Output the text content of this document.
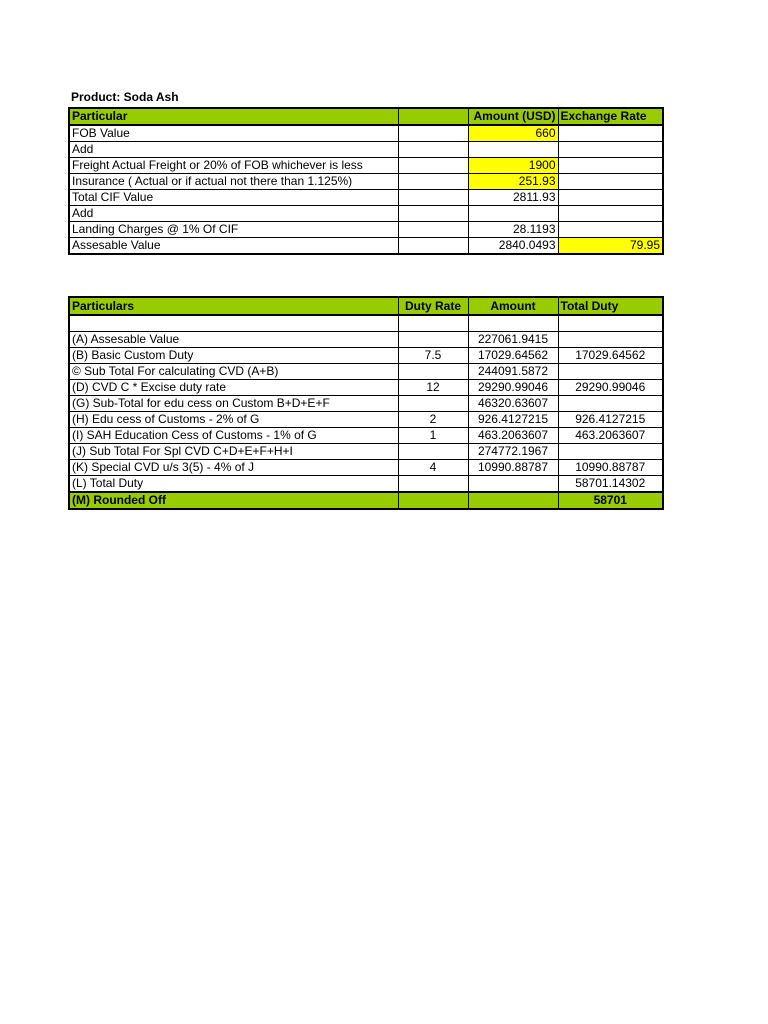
Product: Soda Ash
Particular		Amount (USD)	Exchange Rate
FOB Value		660	
Add			
Freight Actual Freight or 20% of FOB whichever is less		1900	
Insurance ( Actual or if actual not there than 1.125%)		251.93	
Total CIF Value		2811.93	
Add			
Landing Charges @ 1% Of CIF		28.1193	
Assesable Value		2840.0493	79.95
Particulars	Duty Rate	Amount	Total Duty

(A) Assesable Value		227061.9415	
(B) Basic Custom Duty	7.5	17029.64562	17029.64562
© Sub Total For calculating CVD (A+B)		244091.5872	
(D) CVD C * Excise duty rate	12	29290.99046	29290.99046
(G) Sub-Total for edu cess on Custom B+D+E+F		46320.63607	
(H) Edu cess of Customs - 2% of G	2	926.4127215	926.4127215
(I) SAH Education Cess of Customs - 1% of G	1	463.2063607	463.2063607
(J) Sub Total For Spl CVD C+D+E+F+H+I		274772.1967	
(K) Special CVD u/s 3(5) - 4% of J	4	10990.88787	10990.88787
(L) Total Duty			58701.14302
(M) Rounded Off			58701
